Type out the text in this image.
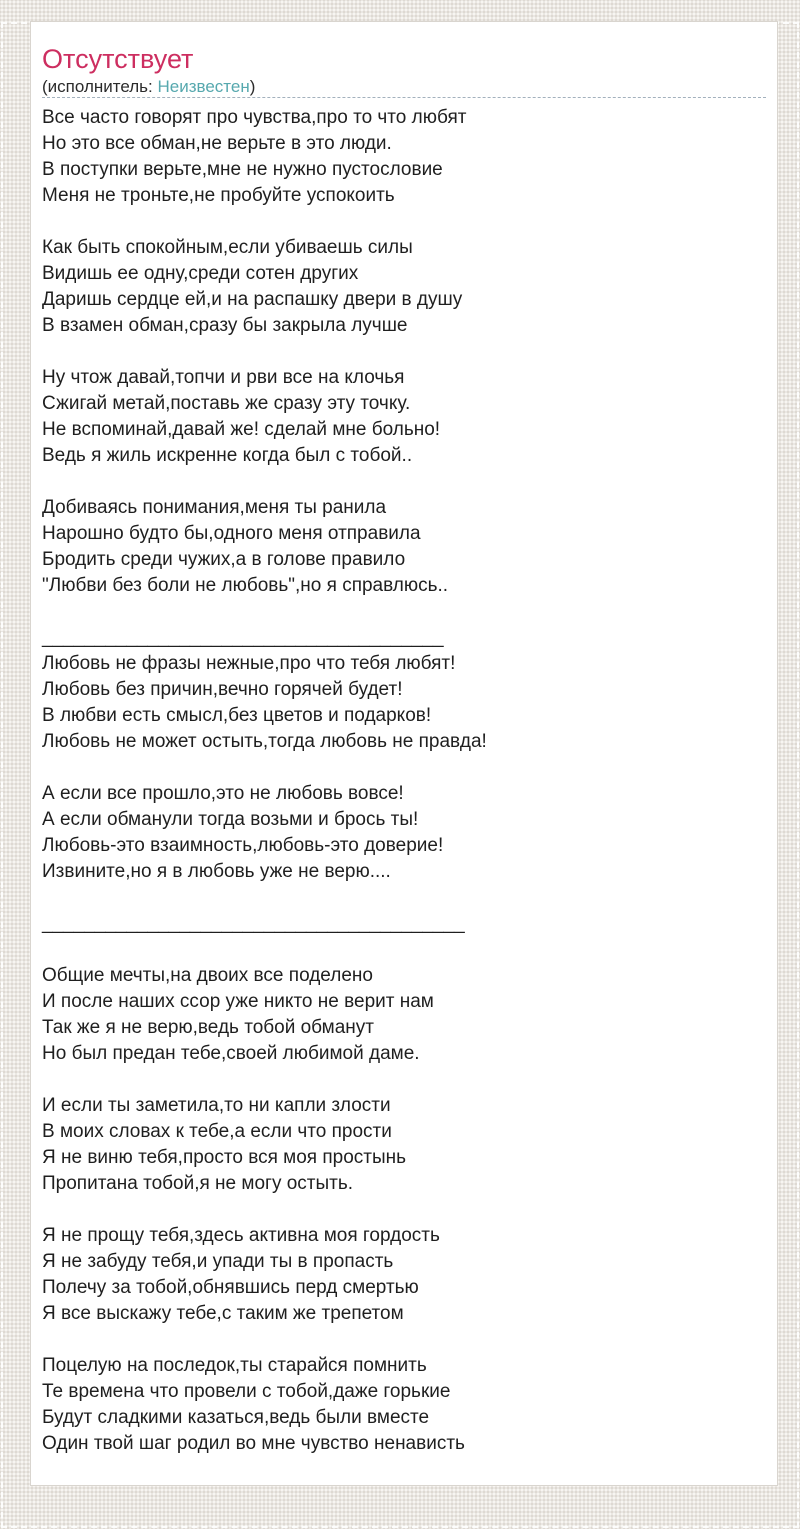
Отсутствует
(исполнитель: Неизвестен)
Все часто говорят про чувства,про то что любят
Но это все обман,не верьте в это люди.
В поступки верьте,мне не нужно пустословие
Меня не троньте,не пробуйте успокоить

Как быть спокойным,если убиваешь силы
Видишь ее одну,среди сотен других
Даришь сердце ей,и на распашку двери в душу
В взамен обман,сразу бы закрыла лучше

Ну чтож давай,топчи и рви все на клочья
Сжигай метай,поставь же сразу эту точку.
Не вспоминай,давай же! сделай мне больно!
Ведь я жиль искренне когда был с тобой..

Добиваясь понимания,меня ты ранила
Нарошно будто бы,одного меня отправила
Бродить среди чужих,а в голове правило
"Любви без боли не любовь",но я справлюсь..

______________________________________
Любовь не фразы нежные,про что тебя любят!
Любовь без причин,вечно горячей будет!
В любви есть смысл,без цветов и подарков!
Любовь не может остыть,тогда любовь не правда!

А если все прошло,это не любовь вовсе!
А если обманули тогда возьми и брось ты!
Любовь-это взаимность,любовь-это доверие!
Извините,но я в любовь уже не верю....

________________________________________

Общие мечты,на двоих все поделено
И после наших ссор уже никто не верит нам
Так же я не верю,ведь тобой обманут
Но был предан тебе,своей любимой даме.

И если ты заметила,то ни капли злости
В моих словах к тебе,а если что прости
Я не виню тебя,просто вся моя простынь
Пропитана тобой,я не могу остыть.

Я не прощу тебя,здесь активна моя гордость
Я не забуду тебя,и упади ты в пропасть
Полечу за тобой,обнявшись перд смертью
Я все выскажу тебе,с таким же трепетом

Поцелую на последок,ты старайся помнить
Те времена что провели с тобой,даже горькие
Будут сладкими казаться,ведь были вместе
Один твой шаг родил во мне чувство ненависть
